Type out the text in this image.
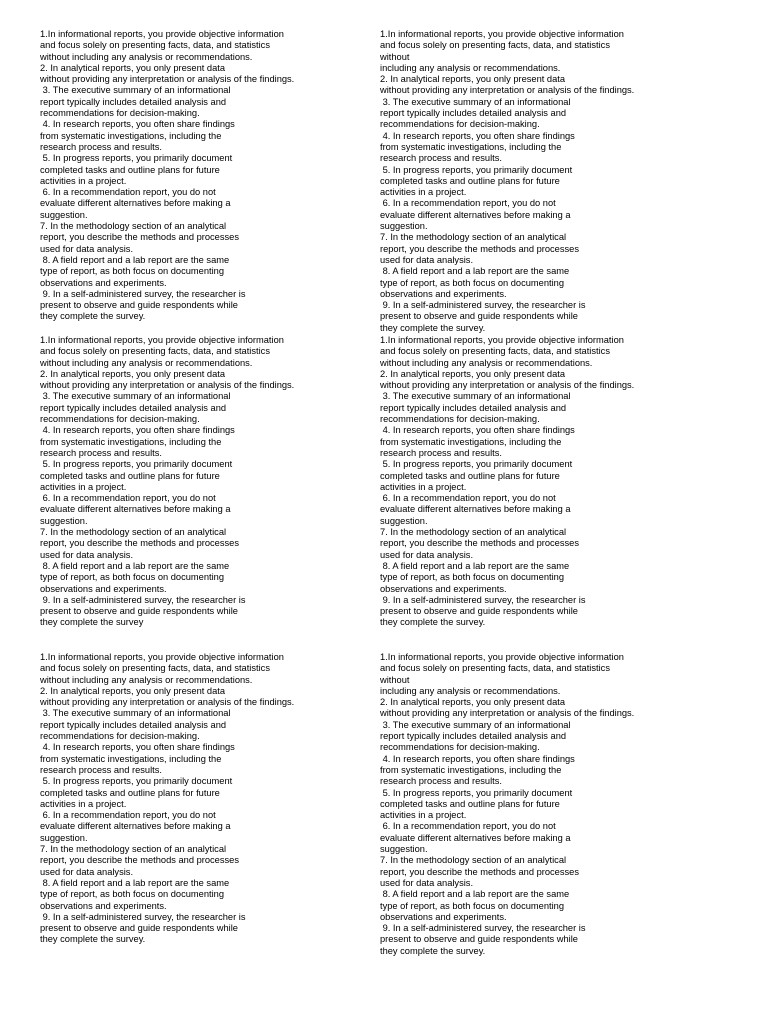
1.In informational reports, you provide objective information
and focus solely on presenting facts, data, and statistics
without including any analysis or recommendations.
2. In analytical reports, you only present data
without providing any interpretation or analysis of the findings.
3. The executive summary of an informational
report typically includes detailed analysis and
recommendations for decision-making.
4. In research reports, you often share findings
from systematic investigations, including the
research process and results.
5. In progress reports, you primarily document
completed tasks and outline plans for future
activities in a project.
6. In a recommendation report, you do not
evaluate different alternatives before making a
suggestion.
7. In the methodology section of an analytical
report, you describe the methods and processes
used for data analysis.
8. A field report and a lab report are the same
type of report, as both focus on documenting
observations and experiments.
9. In a self-administered survey, the researcher is
present to observe and guide respondents while
they complete the survey.
1.In informational reports, you provide objective information
and focus solely on presenting facts, data, and statistics
without
including any analysis or recommendations.
2. In analytical reports, you only present data
without providing any interpretation or analysis of the findings.
3. The executive summary of an informational
report typically includes detailed analysis and
recommendations for decision-making.
4. In research reports, you often share findings
from systematic investigations, including the
research process and results.
5. In progress reports, you primarily document
completed tasks and outline plans for future
activities in a project.
6. In a recommendation report, you do not
evaluate different alternatives before making a
suggestion.
7. In the methodology section of an analytical
report, you describe the methods and processes
used for data analysis.
8. A field report and a lab report are the same
type of report, as both focus on documenting
observations and experiments.
9. In a self-administered survey, the researcher is
present to observe and guide respondents while
they complete the survey.
1.In informational reports, you provide objective information
and focus solely on presenting facts, data, and statistics
without including any analysis or recommendations.
2. In analytical reports, you only present data
without providing any interpretation or analysis of the findings.
3. The executive summary of an informational
report typically includes detailed analysis and
recommendations for decision-making.
4. In research reports, you often share findings
from systematic investigations, including the
research process and results.
5. In progress reports, you primarily document
completed tasks and outline plans for future
activities in a project.
6. In a recommendation report, you do not
evaluate different alternatives before making a
suggestion.
7. In the methodology section of an analytical
report, you describe the methods and processes
used for data analysis.
8. A field report and a lab report are the same
type of report, as both focus on documenting
observations and experiments.
9. In a self-administered survey, the researcher is
present to observe and guide respondents while
they complete the survey
1.In informational reports, you provide objective information
and focus solely on presenting facts, data, and statistics
without including any analysis or recommendations.
2. In analytical reports, you only present data
without providing any interpretation or analysis of the findings.
3. The executive summary of an informational
report typically includes detailed analysis and
recommendations for decision-making.
4. In research reports, you often share findings
from systematic investigations, including the
research process and results.
5. In progress reports, you primarily document
completed tasks and outline plans for future
activities in a project.
6. In a recommendation report, you do not
evaluate different alternatives before making a
suggestion.
7. In the methodology section of an analytical
report, you describe the methods and processes
used for data analysis.
8. A field report and a lab report are the same
type of report, as both focus on documenting
observations and experiments.
9. In a self-administered survey, the researcher is
present to observe and guide respondents while
they complete the survey.
1.In informational reports, you provide objective information
and focus solely on presenting facts, data, and statistics
without including any analysis or recommendations.
2. In analytical reports, you only present data
without providing any interpretation or analysis of the findings.
3. The executive summary of an informational
report typically includes detailed analysis and
recommendations for decision-making.
4. In research reports, you often share findings
from systematic investigations, including the
research process and results.
5. In progress reports, you primarily document
completed tasks and outline plans for future
activities in a project.
6. In a recommendation report, you do not
evaluate different alternatives before making a
suggestion.
7. In the methodology section of an analytical
report, you describe the methods and processes
used for data analysis.
8. A field report and a lab report are the same
type of report, as both focus on documenting
observations and experiments.
9. In a self-administered survey, the researcher is
present to observe and guide respondents while
they complete the survey.
1.In informational reports, you provide objective information
and focus solely on presenting facts, data, and statistics
without
including any analysis or recommendations.
2. In analytical reports, you only present data
without providing any interpretation or analysis of the findings.
3. The executive summary of an informational
report typically includes detailed analysis and
recommendations for decision-making.
4. In research reports, you often share findings
from systematic investigations, including the
research process and results.
5. In progress reports, you primarily document
completed tasks and outline plans for future
activities in a project.
6. In a recommendation report, you do not
evaluate different alternatives before making a
suggestion.
7. In the methodology section of an analytical
report, you describe the methods and processes
used for data analysis.
8. A field report and a lab report are the same
type of report, as both focus on documenting
observations and experiments.
9. In a self-administered survey, the researcher is
present to observe and guide respondents while
they complete the survey.
